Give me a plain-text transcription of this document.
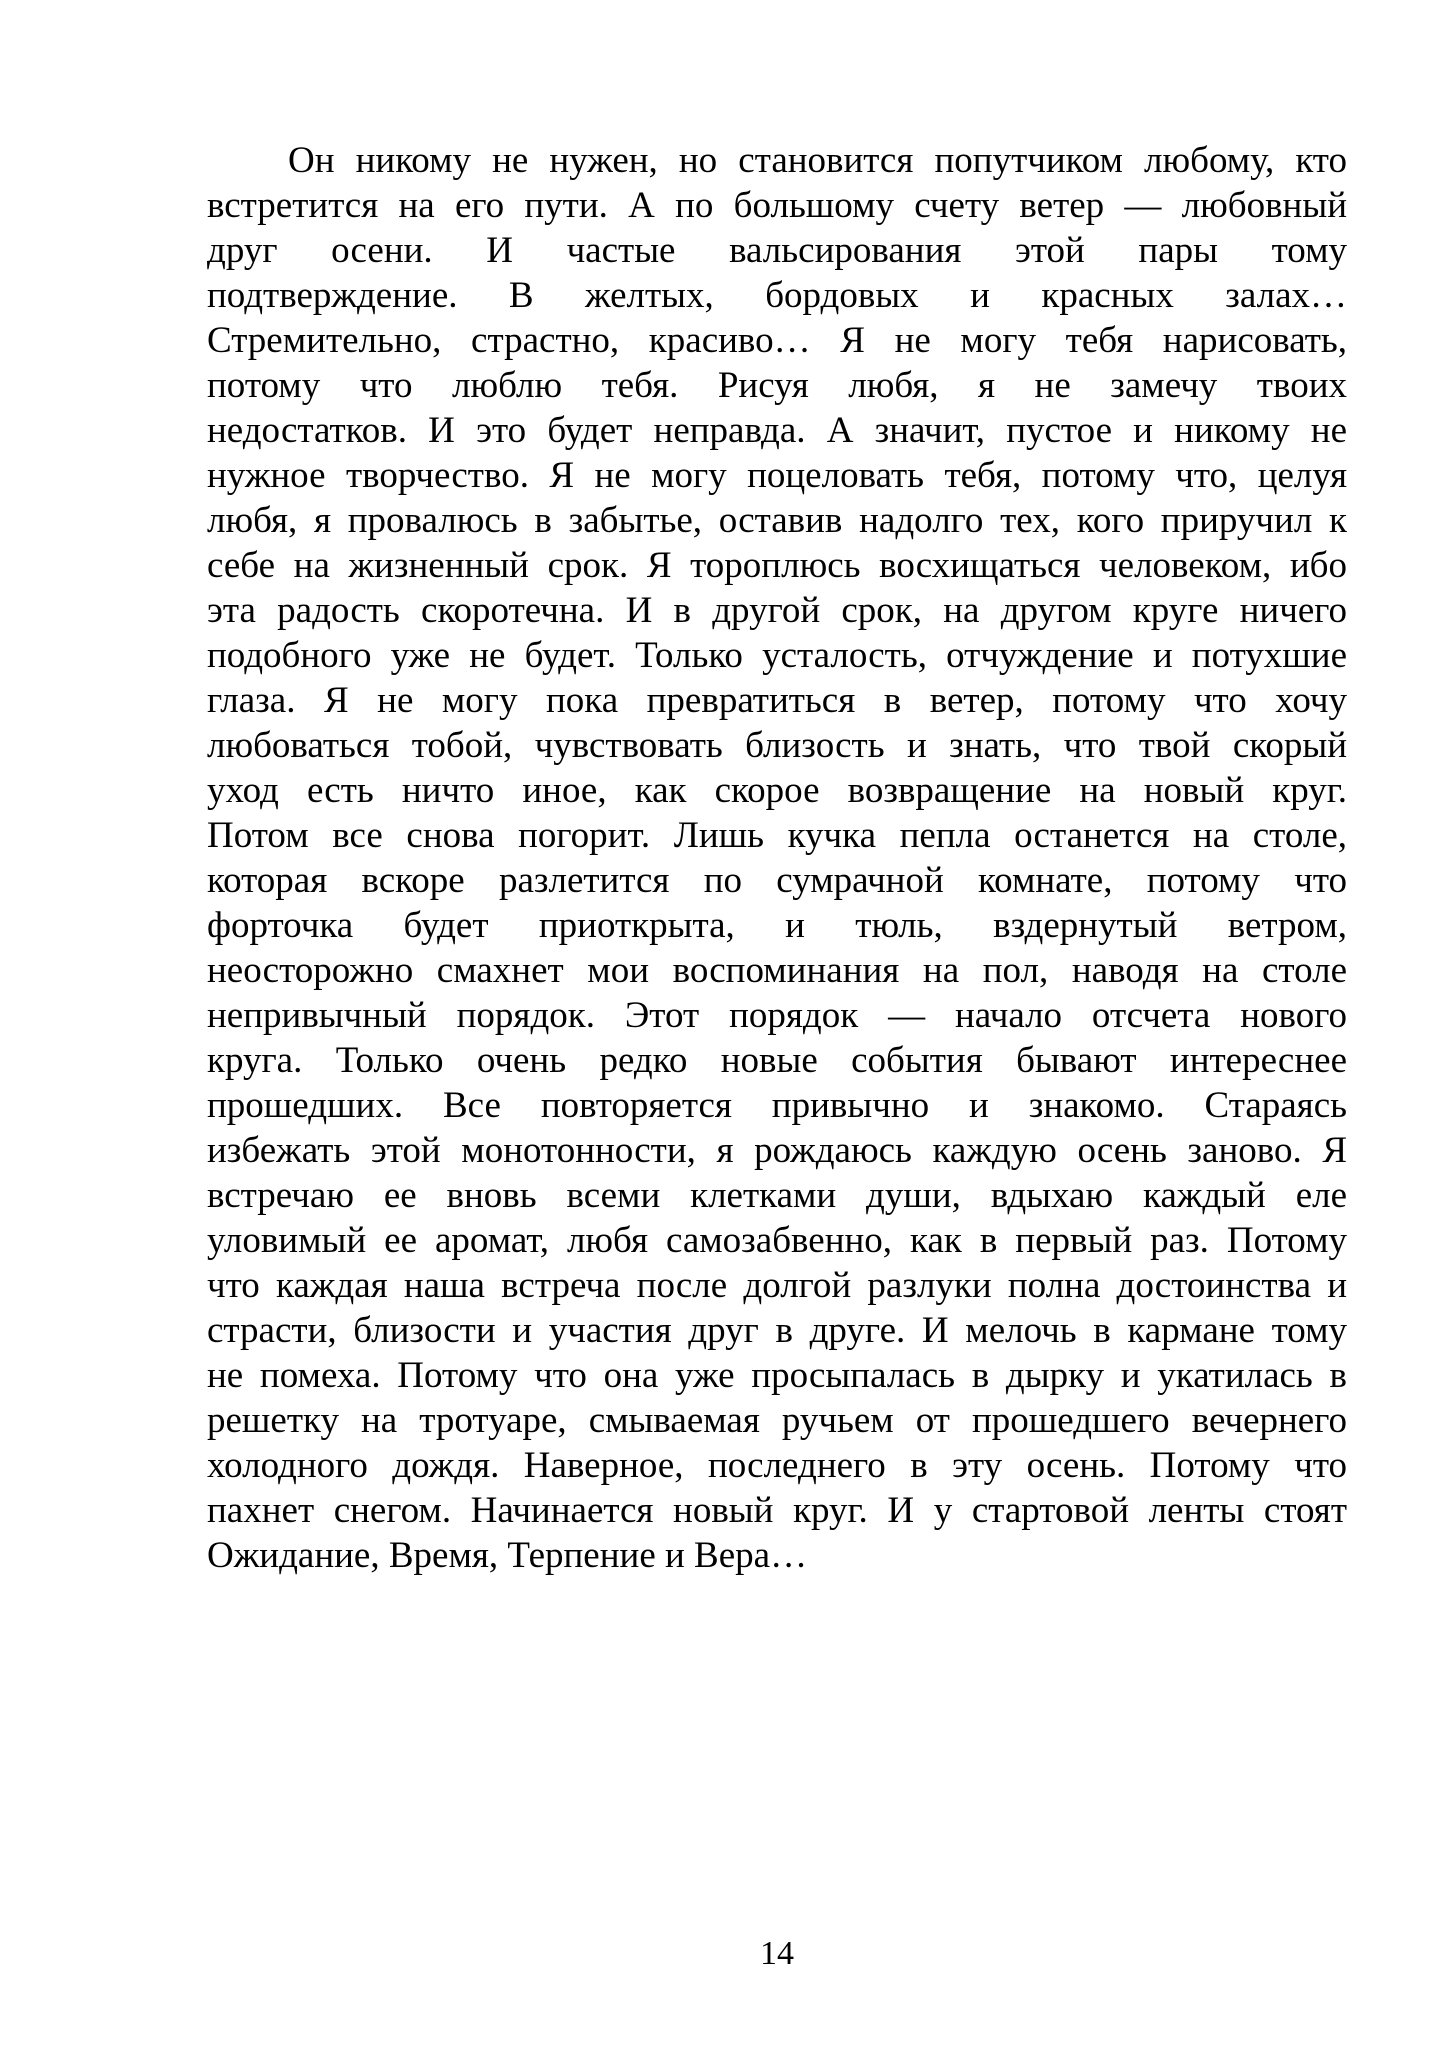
Он никому не нужен, но становится попутчиком любому, кто
встретится на его пути. А по большому счету ветер — любовный
друг осени. И частые вальсирования этой пары тому
подтверждение. В желтых, бордовых и красных залах…
Стремительно, страстно, красиво… Я не могу тебя нарисовать,
потому что люблю тебя. Рисуя любя, я не замечу твоих
недостатков. И это будет неправда. А значит, пустое и никому не
нужное творчество. Я не могу поцеловать тебя, потому что, целуя
любя, я провалюсь в забытье, оставив надолго тех, кого приручил к
себе на жизненный срок. Я тороплюсь восхищаться человеком, ибо
эта радость скоротечна. И в другой срок, на другом круге ничего
подобного уже не будет. Только усталость, отчуждение и потухшие
глаза. Я не могу пока превратиться в ветер, потому что хочу
любоваться тобой, чувствовать близость и знать, что твой скорый
уход есть ничто иное, как скорое возвращение на новый круг.
Потом все снова погорит. Лишь кучка пепла останется на столе,
которая вскоре разлетится по сумрачной комнате, потому что
форточка будет приоткрыта, и тюль, вздернутый ветром,
неосторожно смахнет мои воспоминания на пол, наводя на столе
непривычный порядок. Этот порядок — начало отсчета нового
круга. Только очень редко новые события бывают интереснее
прошедших. Все повторяется привычно и знакомо. Стараясь
избежать этой монотонности, я рождаюсь каждую осень заново. Я
встречаю ее вновь всеми клетками души, вдыхаю каждый еле
уловимый ее аромат, любя самозабвенно, как в первый раз. Потому
что каждая наша встреча после долгой разлуки полна достоинства и
страсти, близости и участия друг в друге. И мелочь в кармане тому
не помеха. Потому что она уже просыпалась в дырку и укатилась в
решетку на тротуаре, смываемая ручьем от прошедшего вечернего
холодного дождя. Наверное, последнего в эту осень. Потому что
пахнет снегом. Начинается новый круг. И у стартовой ленты стоят
Ожидание, Время, Терпение и Вера…
14
